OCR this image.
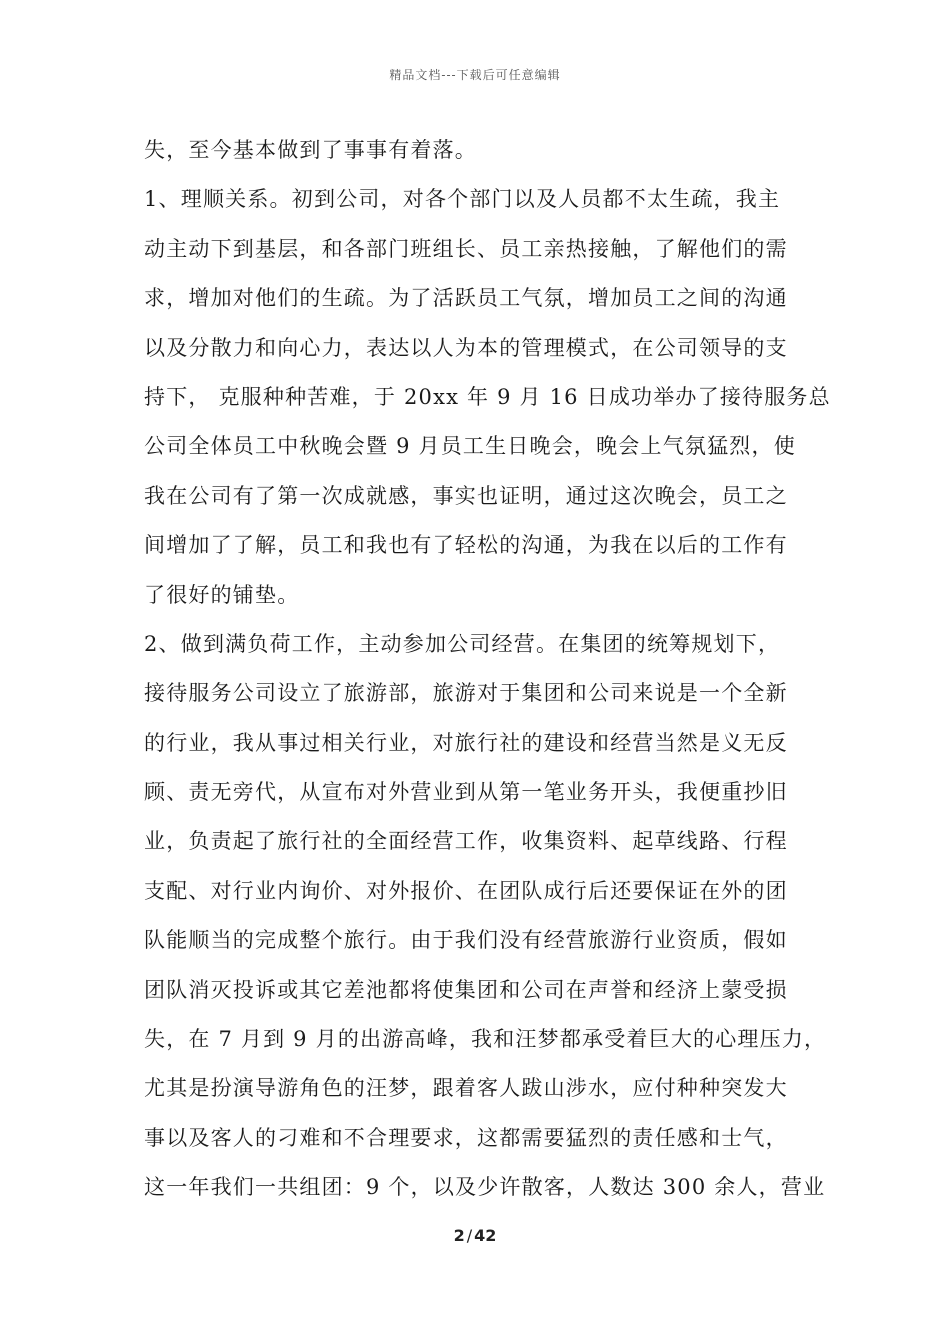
精品文档---下载后可任意编辑
失，至今基本做到了事事有着落。
1、理顺关系。初到公司，对各个部门以及人员都不太生疏，我主
动主动下到基层，和各部门班组长、员工亲热接触，了解他们的需
求，增加对他们的生疏。为了活跃员工气氛，增加员工之间的沟通
以及分散力和向心力，表达以人为本的管理模式，在公司领导的支
持下， 克服种种苦难，于 20xx 年 9 月 16 日成功举办了接待服务总
公司全体员工中秋晚会暨 9 月员工生日晚会，晚会上气氛猛烈，使
我在公司有了第一次成就感，事实也证明，通过这次晚会，员工之
间增加了了解，员工和我也有了轻松的沟通，为我在以后的工作有
了很好的铺垫。
2、做到满负荷工作，主动参加公司经营。在集团的统筹规划下，
接待服务公司设立了旅游部，旅游对于集团和公司来说是一个全新
的行业，我从事过相关行业，对旅行社的建设和经营当然是义无反
顾、责无旁代，从宣布对外营业到从第一笔业务开头，我便重抄旧
业，负责起了旅行社的全面经营工作，收集资料、起草线路、行程
支配、对行业内询价、对外报价、在团队成行后还要保证在外的团
队能顺当的完成整个旅行。由于我们没有经营旅游行业资质，假如
团队消灭投诉或其它差池都将使集团和公司在声誉和经济上蒙受损
失，在 7 月到 9 月的出游高峰，我和汪梦都承受着巨大的心理压力，
尤其是扮演导游角色的汪梦，跟着客人跋山涉水，应付种种突发大
事以及客人的刁难和不合理要求，这都需要猛烈的责任感和士气，
这一年我们一共组团：9 个，以及少许散客，人数达 300 余人，营业
2 / 42
